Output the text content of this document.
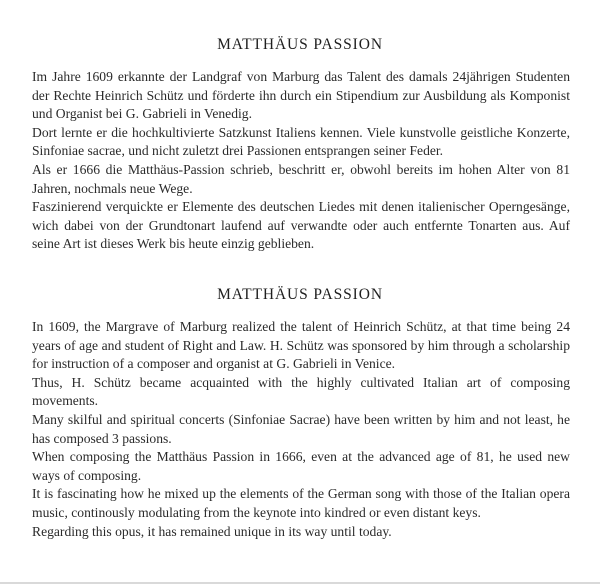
MATTHÄUS PASSION

Im Jahre 1609 erkannte der Landgraf von Marburg das Talent des damals 24jährigen Studenten der Rechte Heinrich Schütz und förderte ihn durch ein Stipendium zur Ausbildung als Komponist und Organist bei G. Gabrieli in Venedig.

Dort lernte er die hochkultivierte Satzkunst Italiens kennen. Viele kunstvolle geistliche Konzerte, Sinfoniae sacrae, und nicht zuletzt drei Passionen entsprangen seiner Feder.

Als er 1666 die Matthäus-Passion schrieb, beschritt er, obwohl bereits im hohen Alter von 81 Jahren, nochmals neue Wege.

Faszinierend verquickte er Elemente des deutschen Liedes mit denen italienischer Operngesänge, wich dabei von der Grundtonart laufend auf verwandte oder auch entfernte Tonarten aus. Auf seine Art ist dieses Werk bis heute einzig geblieben.

MATTHÄUS PASSION

In 1609, the Margrave of Marburg realized the talent of Heinrich Schütz, at that time being 24 years of age and student of Right and Law. H. Schütz was sponsored by him through a scholarship for instruction of a composer and organist at G. Gabrieli in Venice.

Thus, H. Schütz became acquainted with the highly cultivated Italian art of composing movements.

Many skilful and spiritual concerts (Sinfoniae Sacrae) have been written by him and not least, he has composed 3 passions.

When composing the Matthäus Passion in 1666, even at the advanced age of 81, he used new ways of composing.

It is fascinating how he mixed up the elements of the German song with those of the Italian opera music, continously modulating from the keynote into kindred or even distant keys.

Regarding this opus, it has remained unique in its way until today.
